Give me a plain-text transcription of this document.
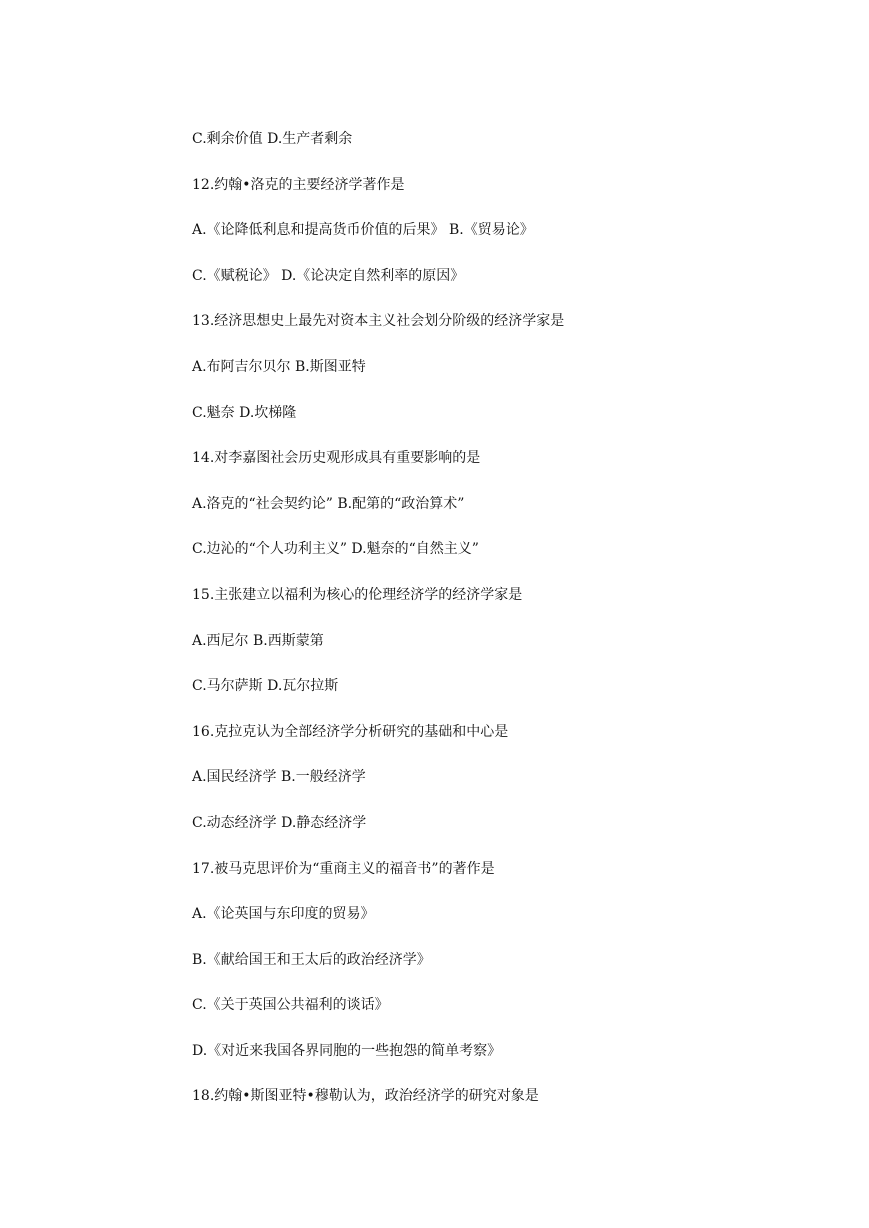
C.剩余价值 D.生产者剩余
12.约翰•洛克的主要经济学著作是
A.《论降低利息和提高货币价值的后果》 B.《贸易论》
C.《赋税论》 D.《论决定自然利率的原因》
13.经济思想史上最先对资本主义社会划分阶级的经济学家是
A.布阿吉尔贝尔 B.斯图亚特
C.魁奈 D.坎梯隆
14.对李嘉图社会历史观形成具有重要影响的是
A.洛克的“社会契约论” B.配第的“政治算术”
C.边沁的“个人功利主义” D.魁奈的“自然主义”
15.主张建立以福利为核心的伦理经济学的经济学家是
A.西尼尔 B.西斯蒙第
C.马尔萨斯 D.瓦尔拉斯
16.克拉克认为全部经济学分析研究的基础和中心是
A.国民经济学 B.一般经济学
C.动态经济学 D.静态经济学
17.被马克思评价为“重商主义的福音书”的著作是
A.《论英国与东印度的贸易》
B.《献给国王和王太后的政治经济学》
C.《关于英国公共福利的谈话》
D.《对近来我国各界同胞的一些抱怨的简单考察》
18.约翰•斯图亚特•穆勒认为，政治经济学的研究对象是
